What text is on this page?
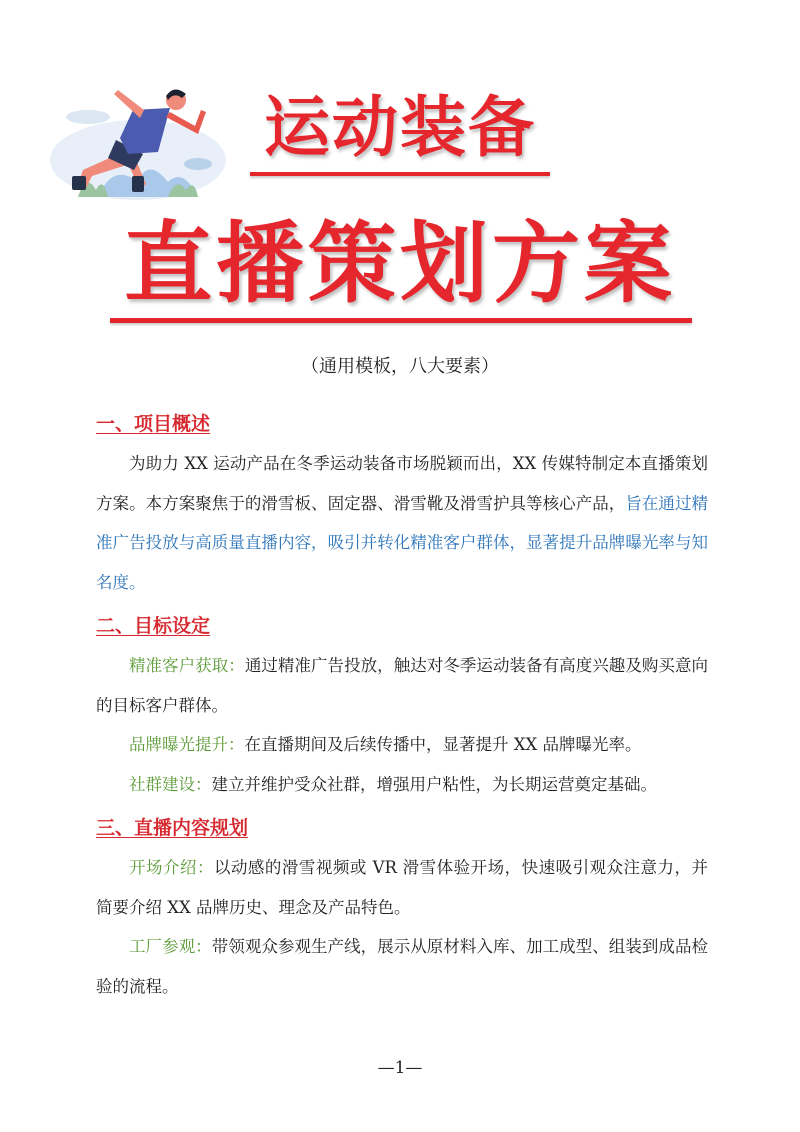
运动装备
直播策划方案
（通用模板，八大要素）
一、项目概述

为助力 XX 运动产品在冬季运动装备市场脱颖而出，XX 传媒特制定本直播策划方案。本方案聚焦于的滑雪板、固定器、滑雪靴及滑雪护具等核心产品，旨在通过精准广告投放与高质量直播内容，吸引并转化精准客户群体，显著提升品牌曝光率与知名度。

二、目标设定

精准客户获取：通过精准广告投放，触达对冬季运动装备有高度兴趣及购买意向的目标客户群体。

品牌曝光提升：在直播期间及后续传播中，显著提升 XX 品牌曝光率。

社群建设：建立并维护受众社群，增强用户粘性，为长期运营奠定基础。

三、直播内容规划

开场介绍：以动感的滑雪视频或 VR 滑雪体验开场，快速吸引观众注意力，并简要介绍 XX 品牌历史、理念及产品特色。

工厂参观：带领观众参观生产线，展示从原材料入库、加工成型、组装到成品检验的流程。

—1—
